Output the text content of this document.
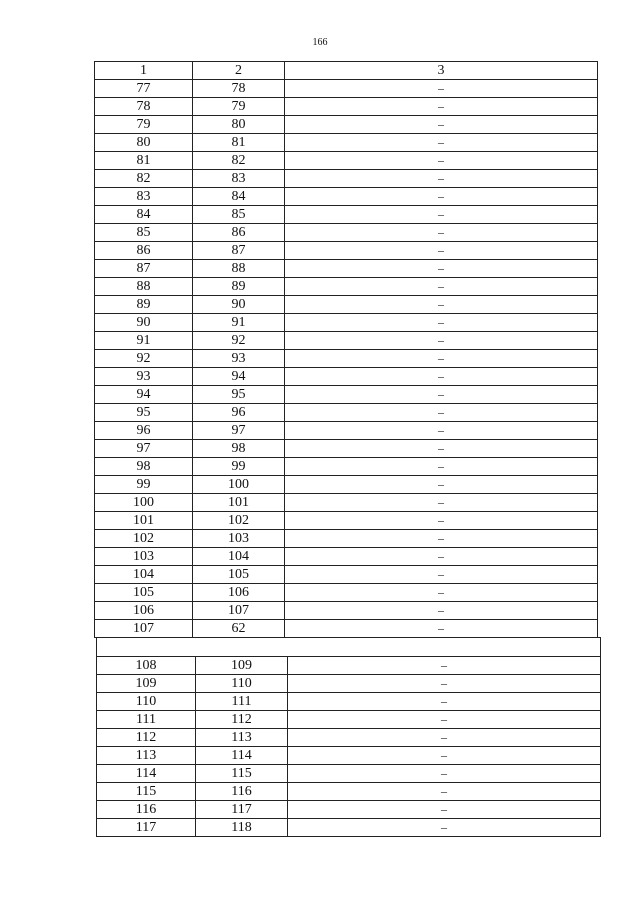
166
1	2	3
77	78	–
78	79	–
79	80	–
80	81	–
81	82	–
82	83	–
83	84	–
84	85	–
85	86	–
86	87	–
87	88	–
88	89	–
89	90	–
90	91	–
91	92	–
92	93	–
93	94	–
94	95	–
95	96	–
96	97	–
97	98	–
98	99	–
99	100	–
100	101	–
101	102	–
102	103	–
103	104	–
104	105	–
105	106	–
106	107	–
107	62	–

108	109	–
109	110	–
110	111	–
111	112	–
112	113	–
113	114	–
114	115	–
115	116	–
116	117	–
117	118	–
